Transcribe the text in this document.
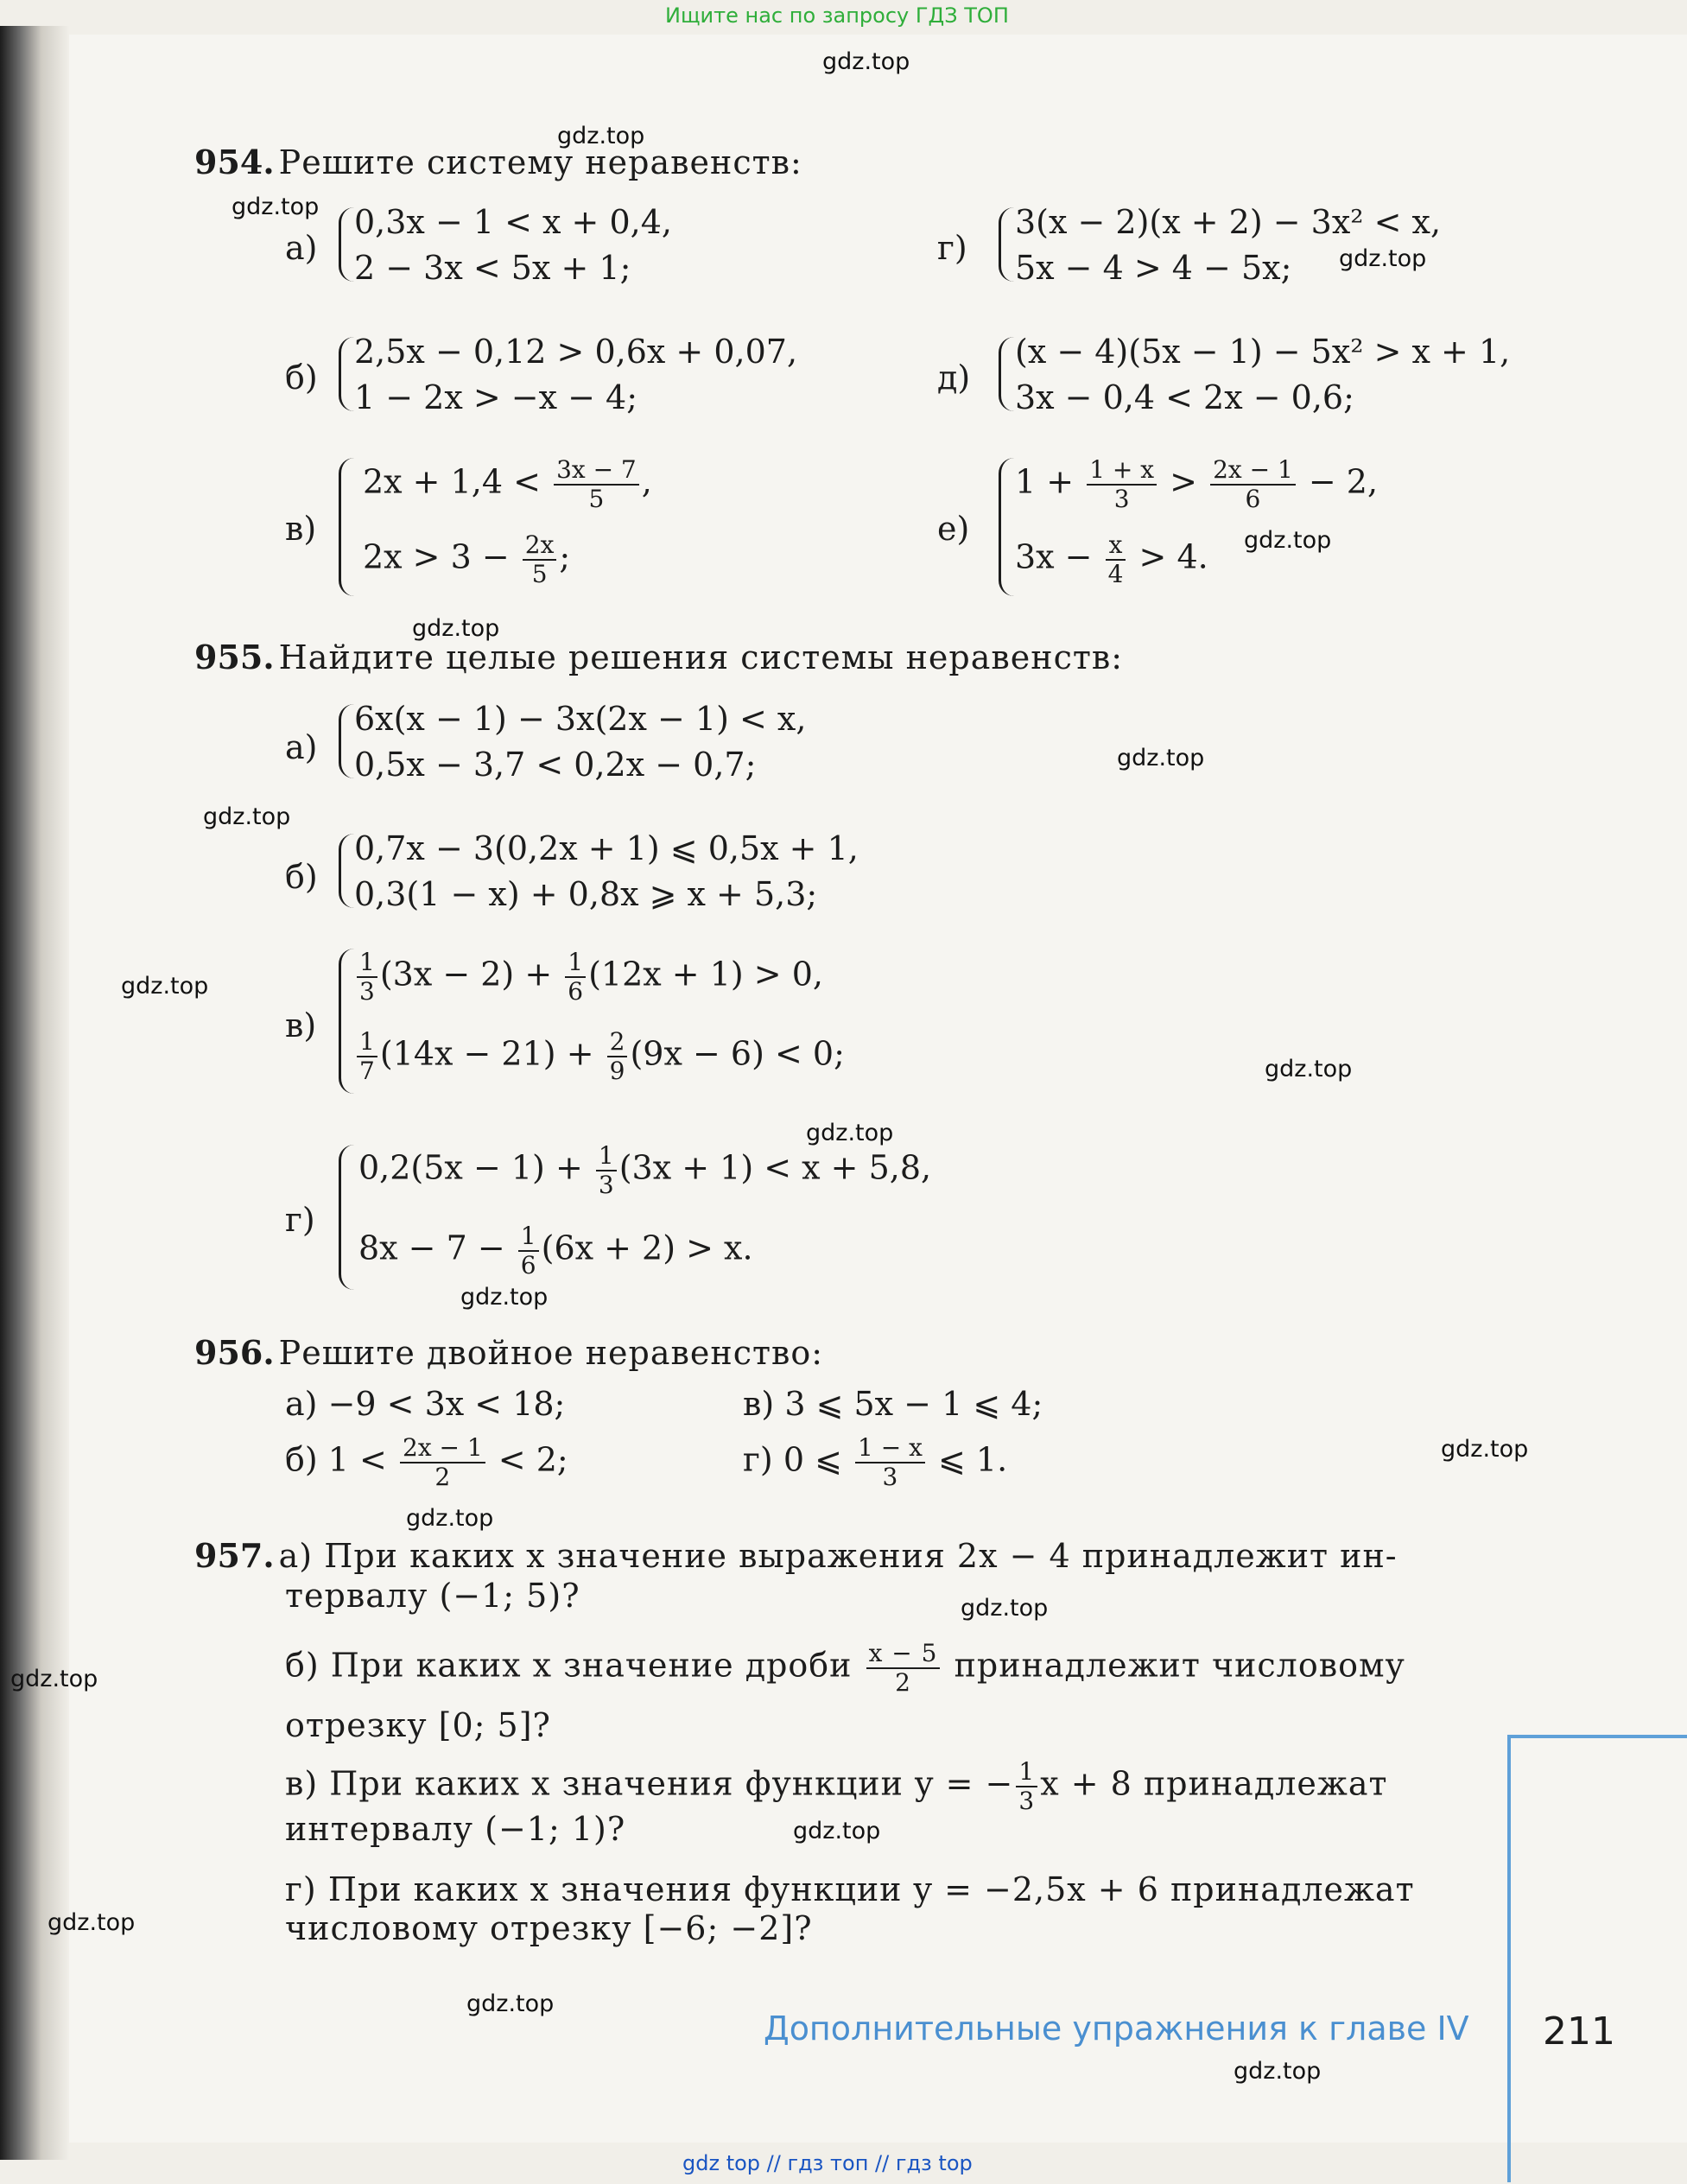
Ищите нас по запросу ГДЗ ТОП
gdz.top
gdz.top
gdz.top
gdz.top
gdz.top
gdz.top
gdz.top
gdz.top
gdz.top
gdz.top
gdz.top
gdz.top
gdz.top
gdz.top
gdz.top
gdz.top
gdz.top
gdz.top
gdz.top
gdz.top
954. Решите систему неравенств:
а)
0,3x − 1 < x + 0,4,
2 − 3x < 5x + 1;
г)
3(x − 2)(x + 2) − 3x² < x,
5x − 4 > 4 − 5x;
б)
2,5x − 0,12 > 0,6x + 0,07,
1 − 2x > −x − 4;
д)
(x − 4)(5x − 1) − 5x² > x + 1,
3x − 0,4 < 2x − 0,6;
в)
$2x + 1,4 < \frac{3x - 7}{5}$ ,
$2x > 3 - \frac{2x}{5}$ ;
е)
$1 + \frac{1 + x}{3} > \frac{2x - 1}{6} - 2$,
$3x - \frac{x}{4} > 4$.
955. Найдите целые решения системы неравенств:
а)
6x(x − 1) − 3x(2x − 1) < x,
0,5x − 3,7 < 0,2x − 0,7;
б)
0,7x − 3(0,2x + 1) ⩽ 0,5x + 1,
0,3(1 − x) + 0,8x ⩾ x + 5,3;
в)
$\frac{1}{3} (3x - 2) + \frac{1}{6} (12x + 1) > 0$,
$\frac{1}{7} (14x - 21) + \frac{2}{9} (9x - 6) < 0$;
г)
$0,2(5x - 1) + \frac{1}{3} (3x + 1) < x + 5,8$,
$8x - 7 - \frac{1}{6} (6x + 2) > x$.
956. Решите двойное неравенство:
а) −9 < 3x < 18;	в) 3 ⩽ 5x − 1 ⩽ 4;
б) $1 < \frac{2x - 1}{2} < 2$;	г) 0 ⩽ $\frac{1 - x}{3}$ ⩽ 1.
957. а) При каких x значение выражения 2x − 4 принадлежит ин-
тервалу (−1; 5)?
б) При каких x значение дроби $\frac{x - 5}{2}$ принадлежит числовому
отрезку [0; 5]?
в) При каких x значения функции y = − $\frac{1}{3}$ x + 8 принадлежат
интервалу (−1; 1)?
г) При каких x значения функции y = −2,5x + 6 принадлежат
числовому отрезку [−6; −2]?
Дополнительные упражнения к главе IV 211
gdz top // гдз топ // гдз top
